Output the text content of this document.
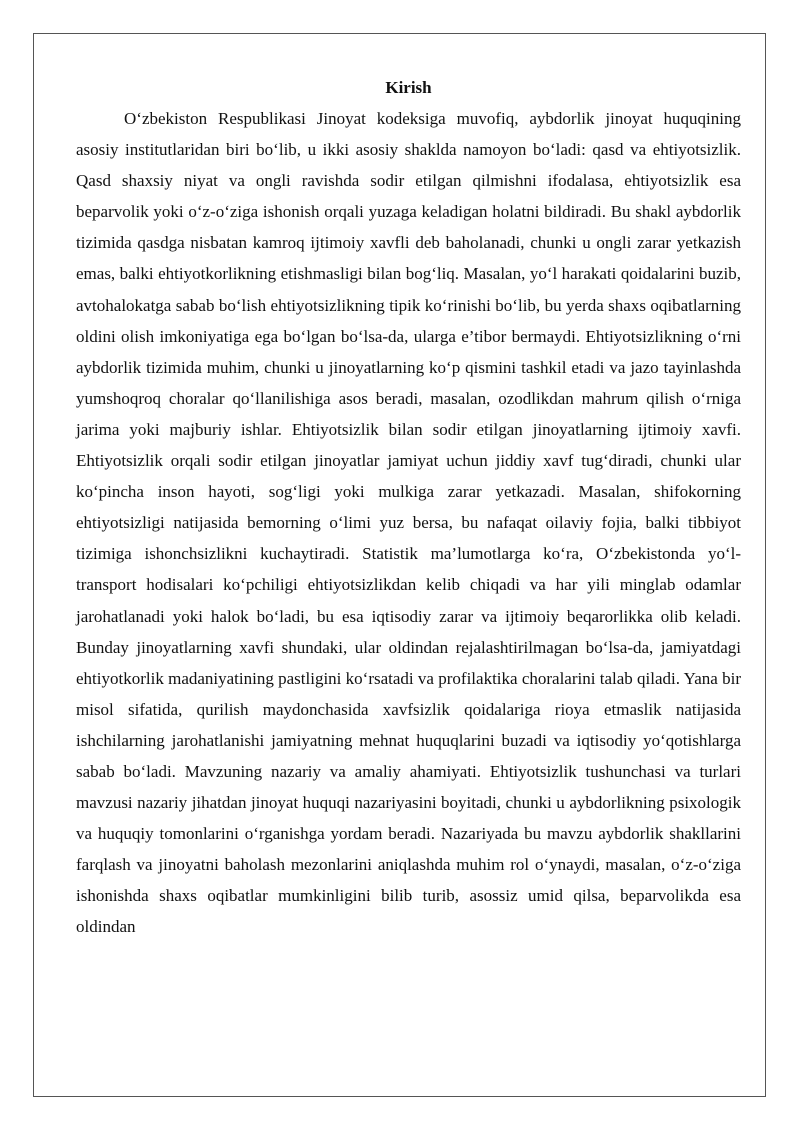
Kirish

O‘zbekiston Respublikasi Jinoyat kodeksiga muvofiq, aybdorlik jinoyat huquqining asosiy institutlaridan biri bo‘lib, u ikki asosiy shaklda namoyon bo‘ladi: qasd va ehtiyotsizlik. Qasd shaxsiy niyat va ongli ravishda sodir etilgan qilmishni ifodalasa, ehtiyotsizlik esa beparvolik yoki o‘z-o‘ziga ishonish orqali yuzaga keladigan holatni bildiradi. Bu shakl aybdorlik tizimida qasdga nisbatan kamroq ijtimoiy xavfli deb baholanadi, chunki u ongli zarar yetkazish emas, balki ehtiyotkorlikning etishmasligi bilan bog‘liq. Masalan, yo‘l harakati qoidalarini buzib, avtohalokatga sabab bo‘lish ehtiyotsizlikning tipik ko‘rinishi bo‘lib, bu yerda shaxs oqibatlarning oldini olish imkoniyatiga ega bo‘lgan bo‘lsa-da, ularga e’tibor bermaydi. Ehtiyotsizlikning o‘rni aybdorlik tizimida muhim, chunki u jinoyatlarning ko‘p qismini tashkil etadi va jazo tayinlashda yumshoqroq choralar qo‘llanilishiga asos beradi, masalan, ozodlikdan mahrum qilish o‘rniga jarima yoki majburiy ishlar. Ehtiyotsizlik bilan sodir etilgan jinoyatlarning ijtimoiy xavfi. Ehtiyotsizlik orqali sodir etilgan jinoyatlar jamiyat uchun jiddiy xavf tug‘diradi, chunki ular ko‘pincha inson hayoti, sog‘ligi yoki mulkiga zarar yetkazadi. Masalan, shifokorning ehtiyotsizligi natijasida bemorning o‘limi yuz bersa, bu nafaqat oilaviy fojia, balki tibbiyot tizimiga ishonchsizlikni kuchaytiradi. Statistik ma’lumotlarga ko‘ra, O‘zbekistonda yo‘l-transport hodisalari ko‘pchiligi ehtiyotsizlikdan kelib chiqadi va har yili minglab odamlar jarohatlanadi yoki halok bo‘ladi, bu esa iqtisodiy zarar va ijtimoiy beqarorlikka olib keladi. Bunday jinoyatlarning xavfi shundaki, ular oldindan rejalashtirilmagan bo‘lsa-da, jamiyatdagi ehtiyotkorlik madaniyatining pastligini ko‘rsatadi va profilaktika choralarini talab qiladi. Yana bir misol sifatida, qurilish maydonchasida xavfsizlik qoidalariga rioya etmaslik natijasida ishchilarning jarohatlanishi jamiyatning mehnat huquqlarini buzadi va iqtisodiy yo‘qotishlarga sabab bo‘ladi. Mavzuning nazariy va amaliy ahamiyati. Ehtiyotsizlik tushunchasi va turlari mavzusi nazariy jihatdan jinoyat huquqi nazariyasini boyitadi, chunki u aybdorlikning psixologik va huquqiy tomonlarini o‘rganishga yordam beradi. Nazariyada bu mavzu aybdorlik shakllarini farqlash va jinoyatni baholash mezonlarini aniqlashda muhim rol o‘ynaydi, masalan, o‘z-o‘ziga ishonishda shaxs oqibatlar mumkinligini bilib turib, asossiz umid qilsa, beparvolikda esa oldindan
